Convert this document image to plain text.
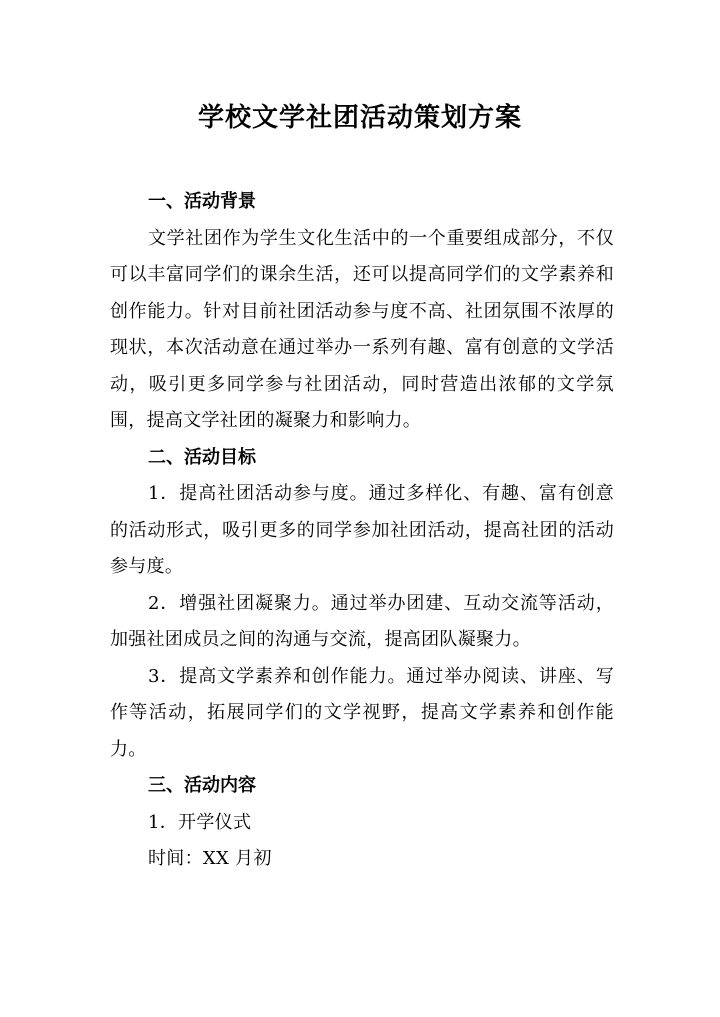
学校文学社团活动策划方案

一、活动背景

文学社团作为学生文化生活中的一个重要组成部分，不仅可以丰富同学们的课余生活，还可以提高同学们的文学素养和创作能力。针对目前社团活动参与度不高、社团氛围不浓厚的现状，本次活动意在通过举办一系列有趣、富有创意的文学活动，吸引更多同学参与社团活动，同时营造出浓郁的文学氛围，提高文学社团的凝聚力和影响力。

二、活动目标

1．提高社团活动参与度。通过多样化、有趣、富有创意的活动形式，吸引更多的同学参加社团活动，提高社团的活动参与度。

2．增强社团凝聚力。通过举办团建、互动交流等活动，加强社团成员之间的沟通与交流，提高团队凝聚力。

3．提高文学素养和创作能力。通过举办阅读、讲座、写作等活动，拓展同学们的文学视野，提高文学素养和创作能力。

三、活动内容

1．开学仪式

时间：XX 月初
